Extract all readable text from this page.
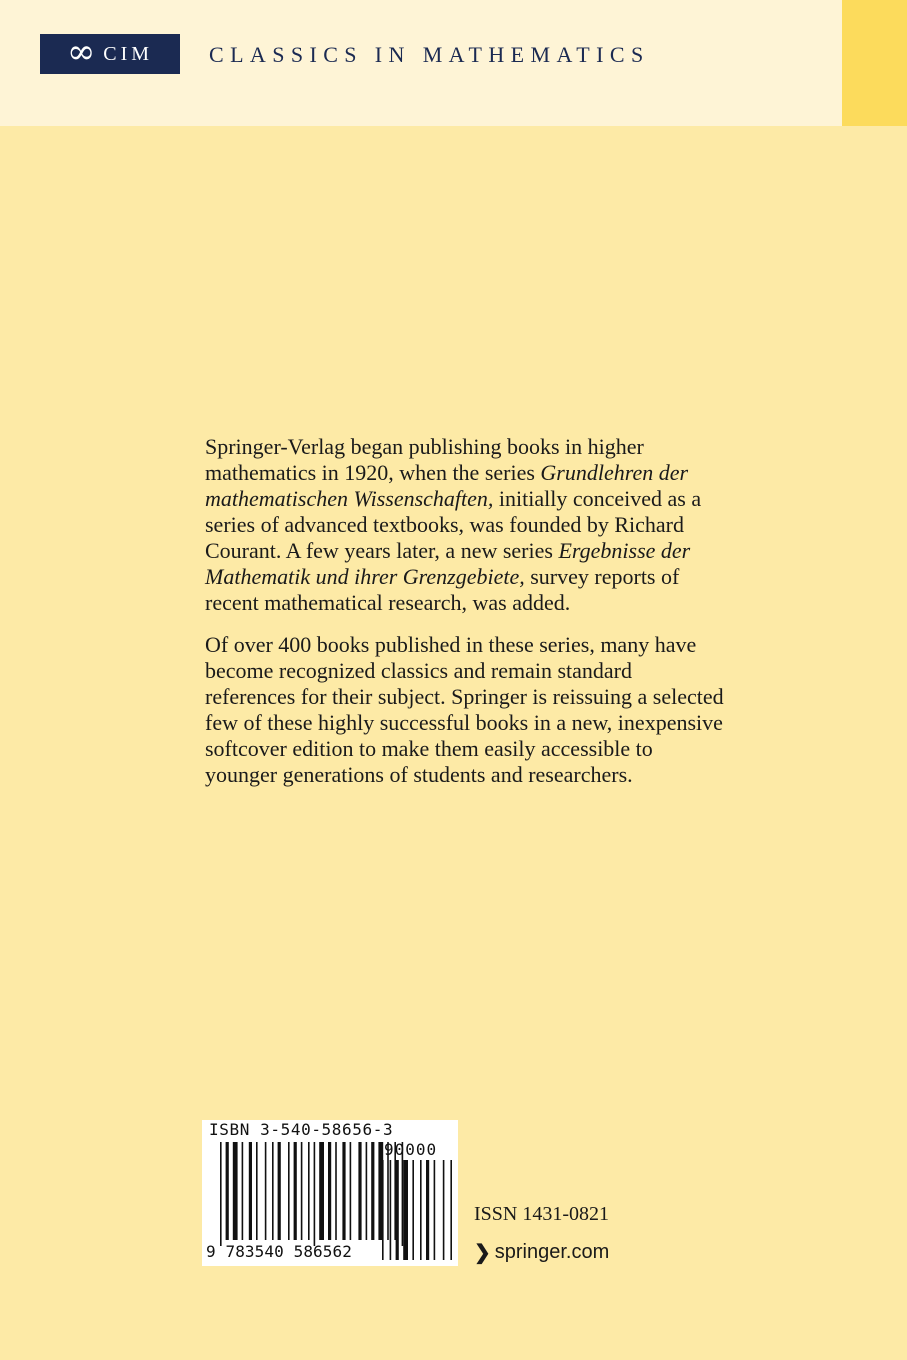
∞ CIM	CLASSICS IN MATHEMATICS

Springer-Verlag began publishing books in higher mathematics in 1920, when the series Grundlehren der mathematischen Wissenschaften, initially conceived as a series of advanced textbooks, was founded by Richard Courant. A few years later, a new series Ergebnisse der Mathematik und ihrer Grenzgebiete, survey reports of recent mathematical research, was added.

Of over 400 books published in these series, many have become recognized classics and remain standard references for their subject. Springer is reissuing a selected few of these highly successful books in a new, inexpensive softcover edition to make them easily accessible to younger generations of students and researchers.

ISBN 3-540-58656-3
90000
9 783540 586562
ISSN 1431-0821
❯ springer.com
